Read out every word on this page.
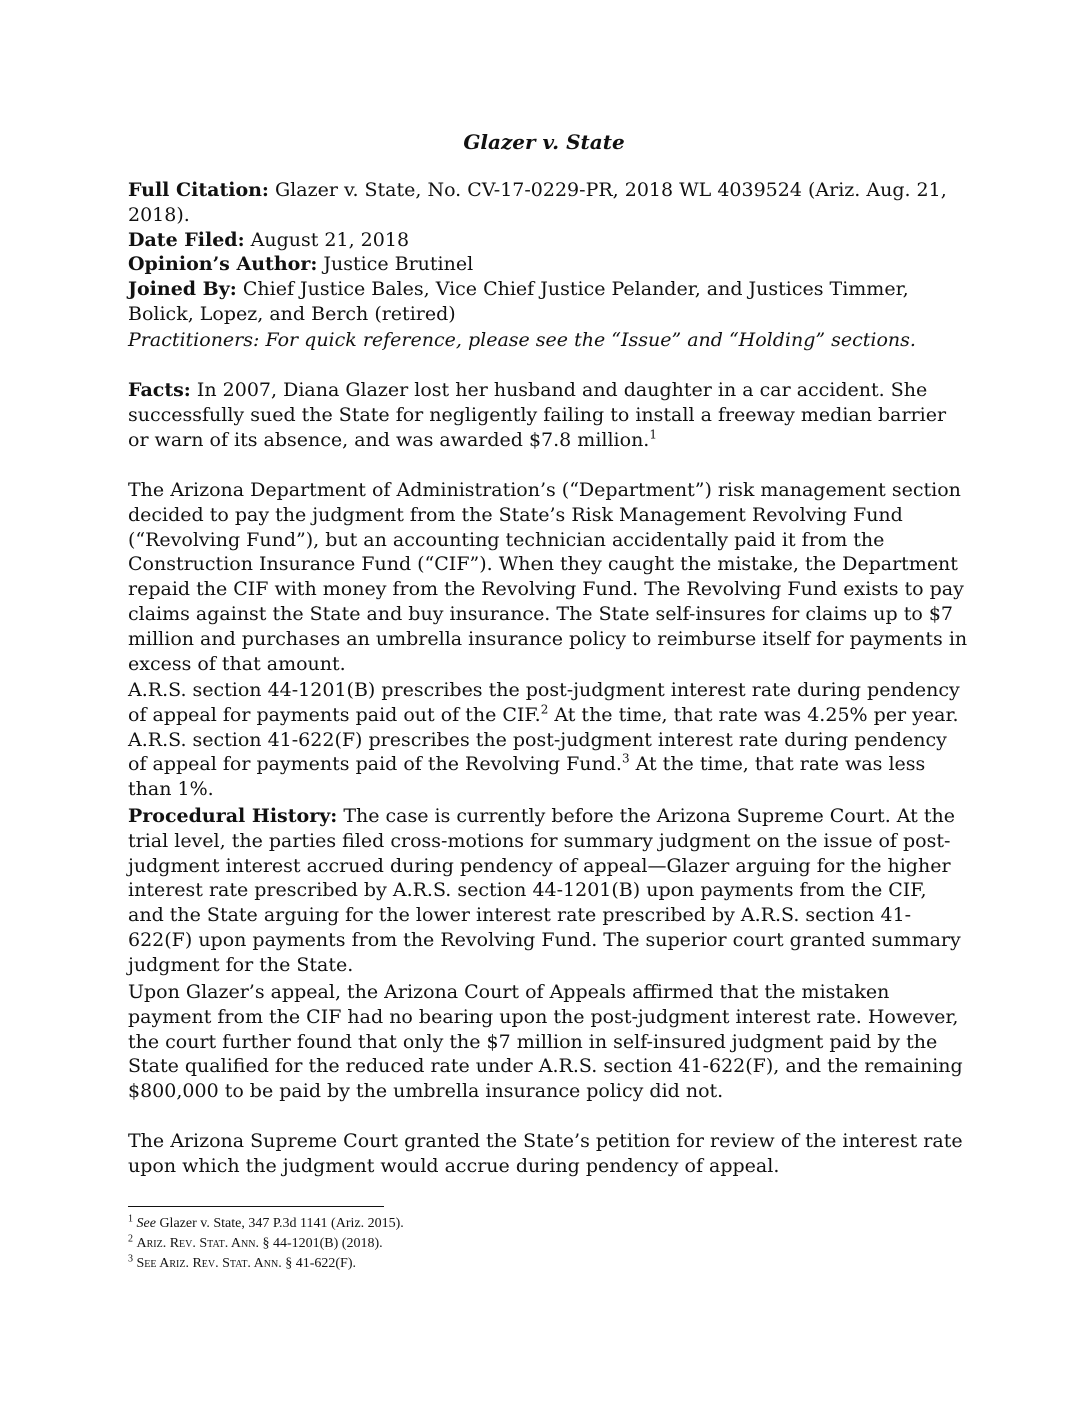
Glazer v. State

Full Citation: Glazer v. State, No. CV-17-0229-PR, 2018 WL 4039524 (Ariz. Aug. 21, 2018).

Date Filed: August 21, 2018

Opinion’s Author: Justice Brutinel

Joined By: Chief Justice Bales, Vice Chief Justice Pelander, and Justices Timmer, Bolick, Lopez, and Berch (retired)

Practitioners: For quick reference, please see the “Issue” and “Holding” sections.

Facts: In 2007, Diana Glazer lost her husband and daughter in a car accident. She successfully sued the State for negligently failing to install a freeway median barrier or warn of its absence, and was awarded $7.8 million.$^1$

The Arizona Department of Administration’s (“Department”) risk management section decided to pay the judgment from the State’s Risk Management Revolving Fund (“Revolving Fund”), but an accounting technician accidentally paid it from the Construction Insurance Fund (“CIF”). When they caught the mistake, the Department repaid the CIF with money from the Revolving Fund. The Revolving Fund exists to pay claims against the State and buy insurance. The State self-insures for claims up to $7 million and purchases an umbrella insurance policy to reimburse itself for payments in excess of that amount.

A.R.S. section 44-1201(B) prescribes the post-judgment interest rate during pendency of appeal for payments paid out of the CIF.$^2$ At the time, that rate was 4.25% per year. A.R.S. section 41-622(F) prescribes the post-judgment interest rate during pendency of appeal for payments paid of the Revolving Fund.$^3$ At the time, that rate was less than 1%.

Procedural History: The case is currently before the Arizona Supreme Court. At the trial level, the parties filed cross-motions for summary judgment on the issue of post-judgment interest accrued during pendency of appeal—Glazer arguing for the higher interest rate prescribed by A.R.S. section 44-1201(B) upon payments from the CIF, and the State arguing for the lower interest rate prescribed by A.R.S. section 41-622(F) upon payments from the Revolving Fund. The superior court granted summary judgment for the State.

Upon Glazer’s appeal, the Arizona Court of Appeals affirmed that the mistaken payment from the CIF had no bearing upon the post-judgment interest rate. However, the court further found that only the $7 million in self-insured judgment paid by the State qualified for the reduced rate under A.R.S. section 41-622(F), and the remaining $800,000 to be paid by the umbrella insurance policy did not.

The Arizona Supreme Court granted the State’s petition for review of the interest rate upon which the judgment would accrue during pendency of appeal.

$^1$ See Glazer v. State, 347 P.3d 1141 (Ariz. 2015).

$^2$ Ariz. Rev. Stat. Ann. § 44-1201(B) (2018).

$^3$ See Ariz. Rev. Stat. Ann. § 41-622(F).
